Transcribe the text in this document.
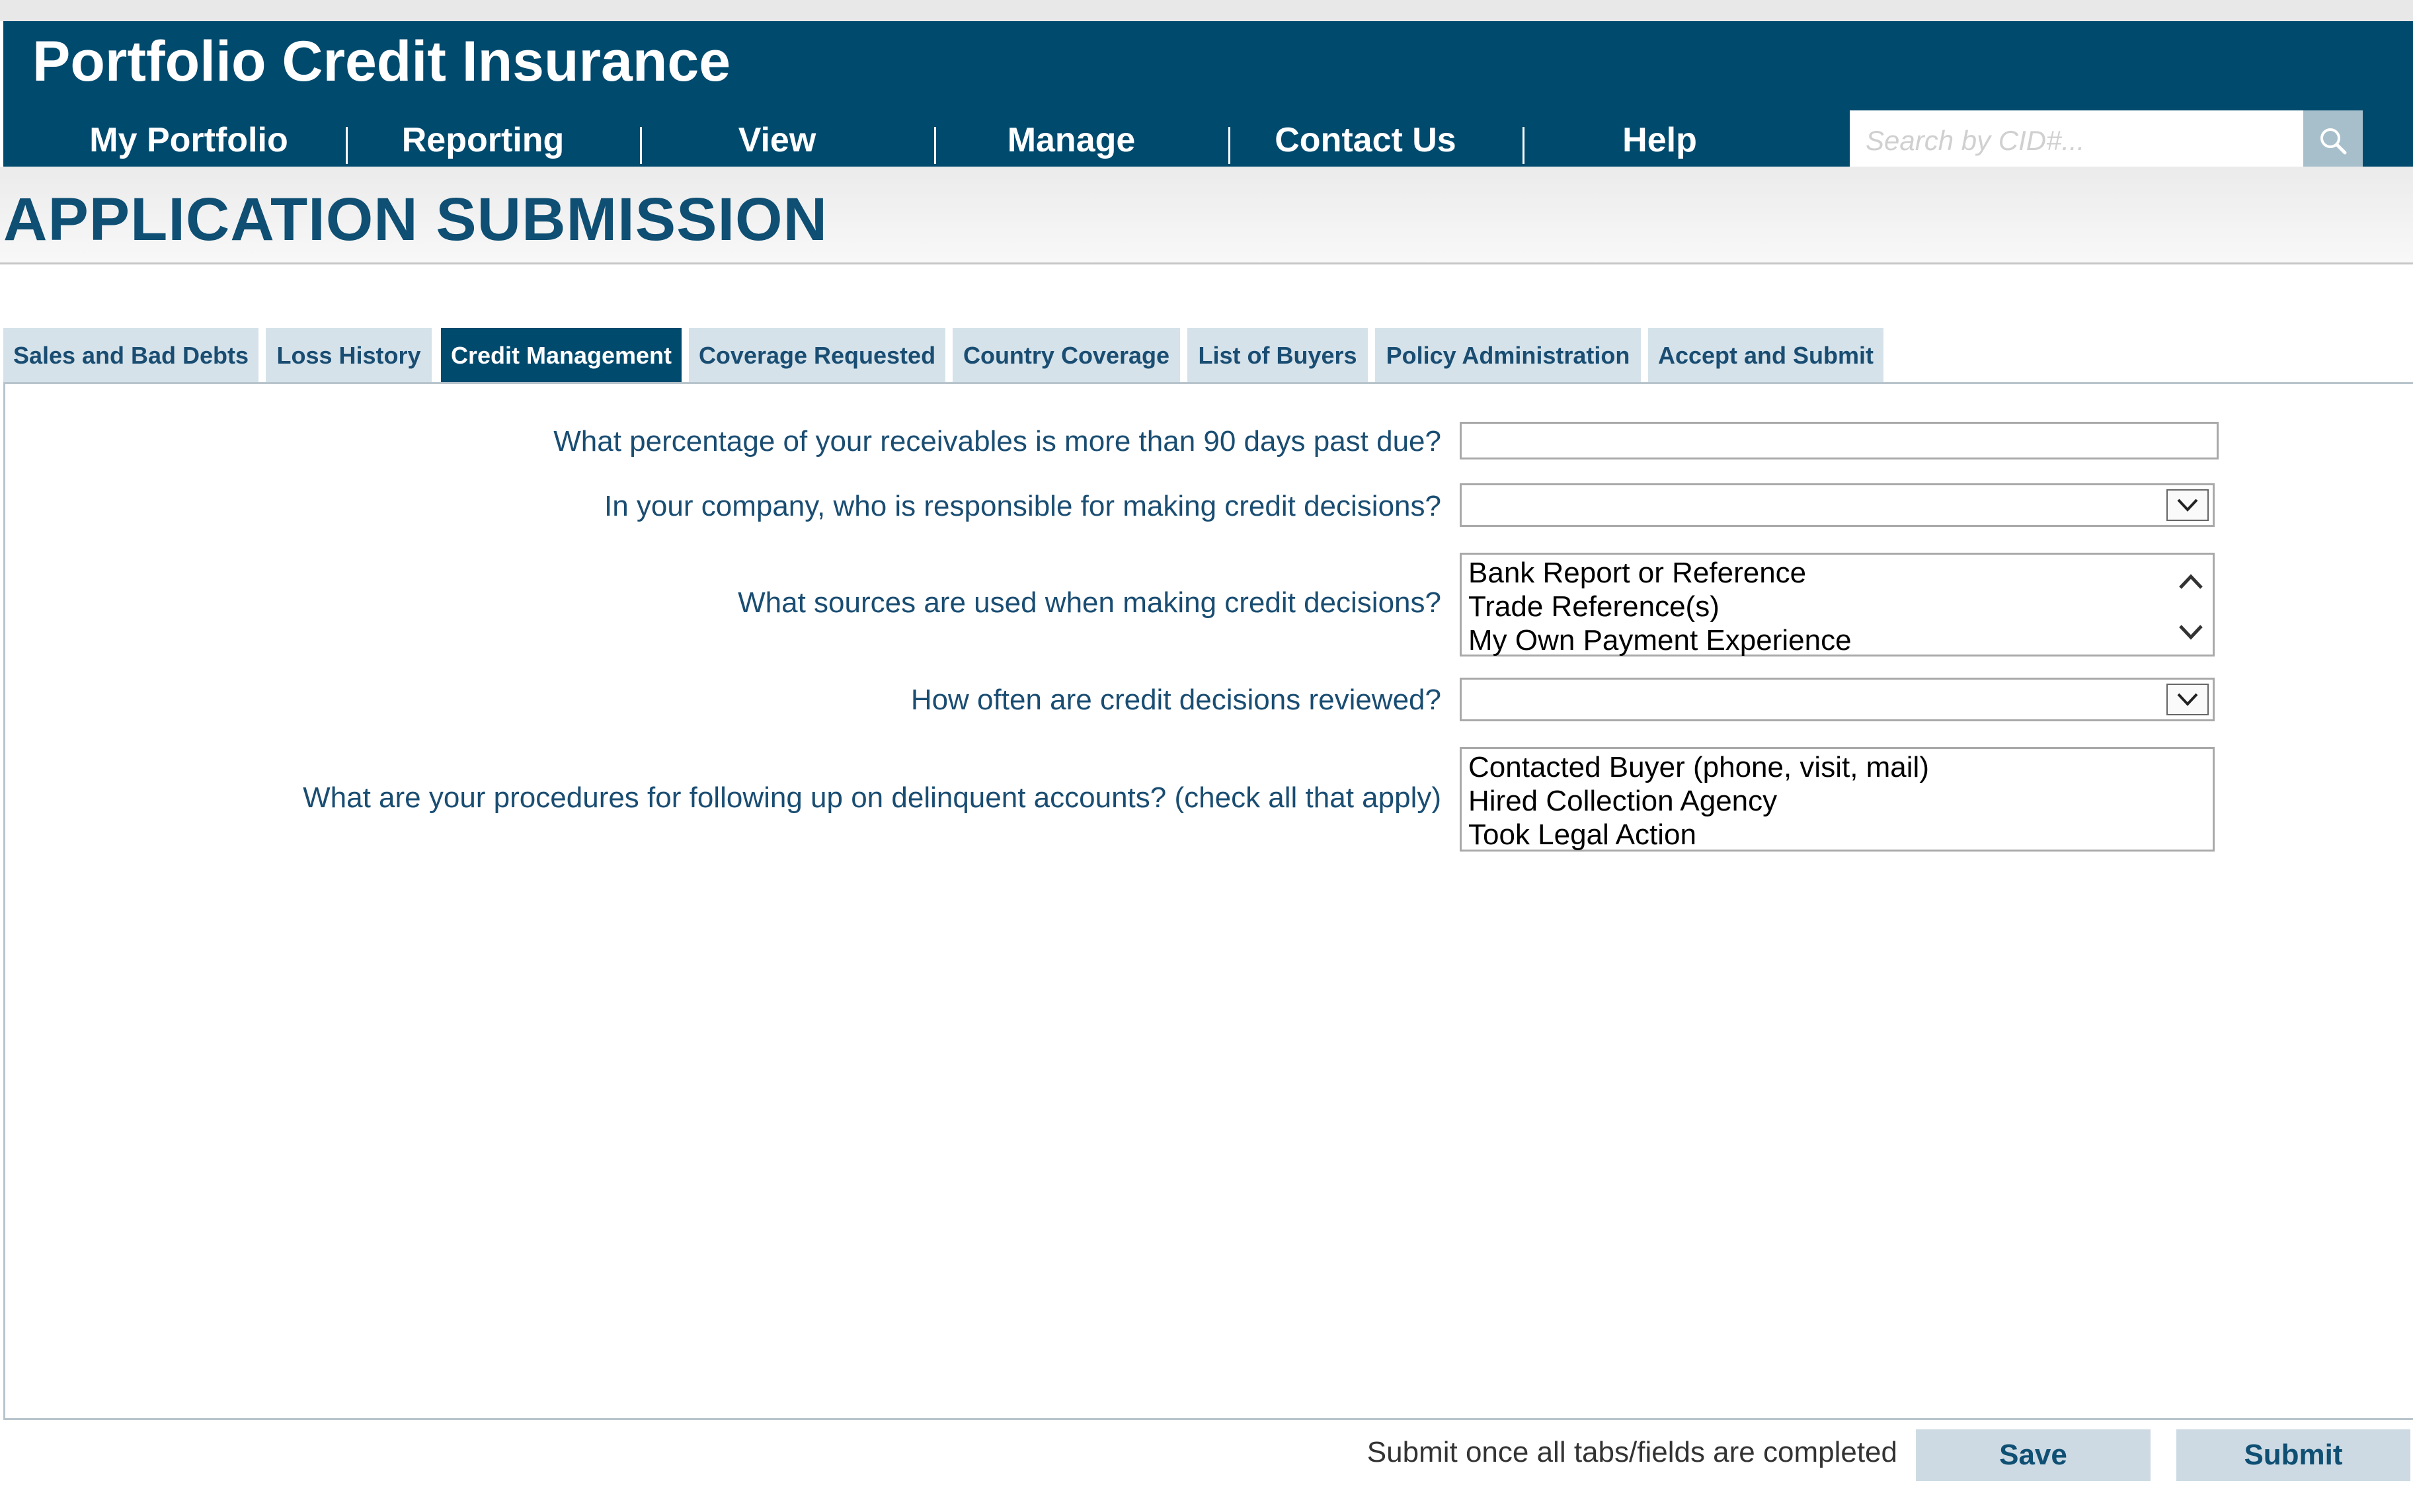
Portfolio Credit Insurance
My Portfolio	Reporting	View	Manage	Contact Us	Help
Search by CID#...
APPLICATION SUBMISSION
Sales and Bad Debts	Loss History	Credit Management	Coverage Requested	Country Coverage	List of Buyers	Policy Administration	Accept and Submit
What percentage of your receivables is more than 90 days past due?
In your company, who is responsible for making credit decisions?
What sources are used when making credit decisions?
Bank Report or Reference
Trade Reference(s)
My Own Payment Experience
How often are credit decisions reviewed?
What are your procedures for following up on delinquent accounts? (check all that apply)
Contacted Buyer (phone, visit, mail)
Hired Collection Agency
Took Legal Action
Submit once all tabs/fields are completed	Save	Submit
